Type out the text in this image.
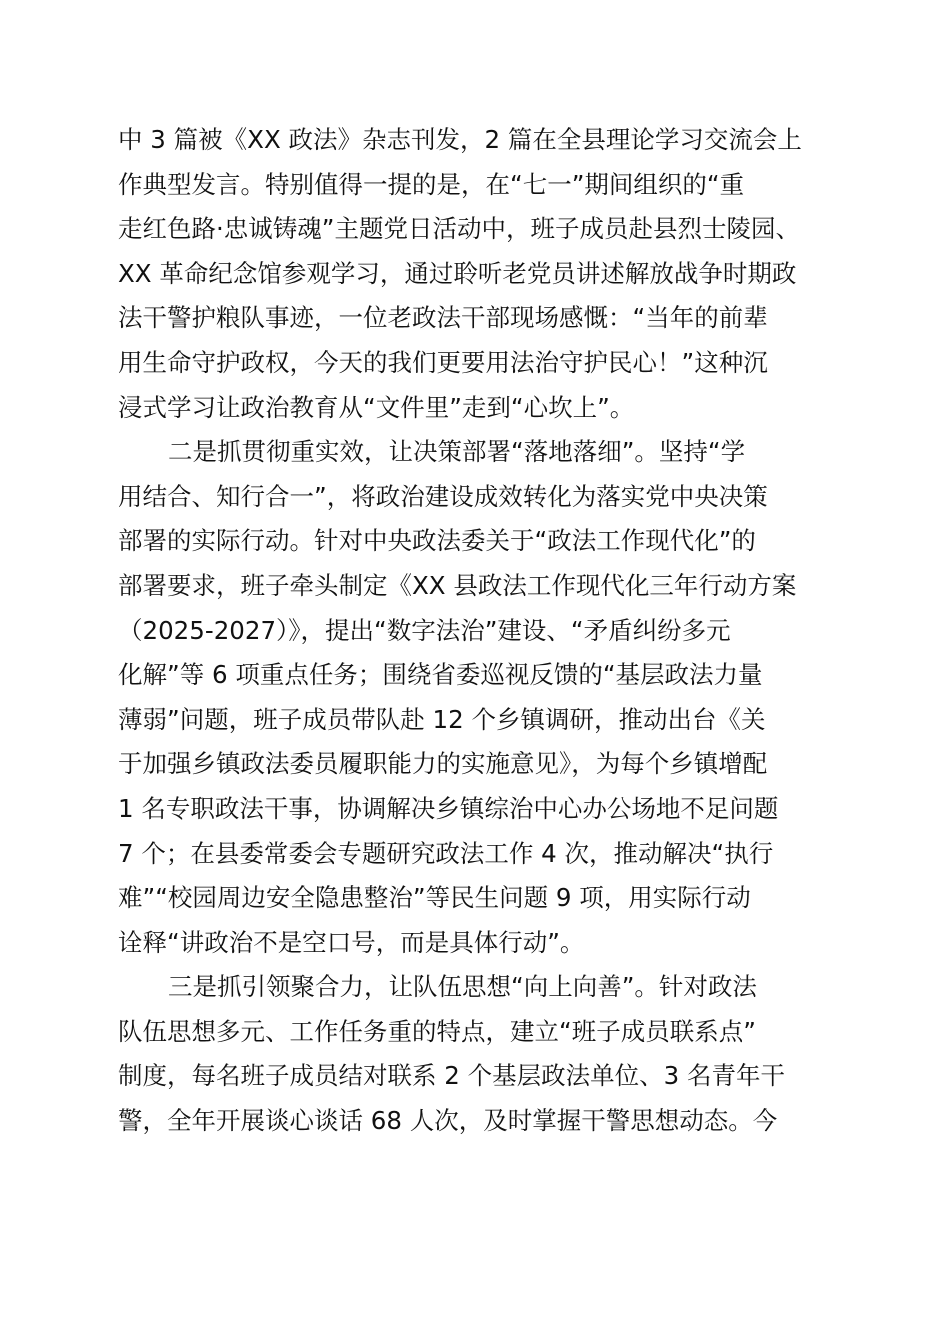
中 3 篇被《XX 政法》杂志刊发，2 篇在全县理论学习交流会上
作典型发言。特别值得一提的是，在“七一”期间组织的“重
走红色路·忠诚铸魂”主题党日活动中，班子成员赴县烈士陵园、
XX 革命纪念馆参观学习，通过聆听老党员讲述解放战争时期政
法干警护粮队事迹，一位老政法干部现场感慨：“当年的前辈
用生命守护政权，今天的我们更要用法治守护民心！”这种沉
浸式学习让政治教育从“文件里”走到“心坎上”。
二是抓贯彻重实效，让决策部署“落地落细”。坚持“学
用结合、知行合一”，将政治建设成效转化为落实党中央决策
部署的实际行动。针对中央政法委关于“政法工作现代化”的
部署要求，班子牵头制定《XX 县政法工作现代化三年行动方案
（2025-2027）》，提出“数字法治”建设、“矛盾纠纷多元
化解”等 6 项重点任务；围绕省委巡视反馈的“基层政法力量
薄弱”问题，班子成员带队赴 12 个乡镇调研，推动出台《关
于加强乡镇政法委员履职能力的实施意见》，为每个乡镇增配
1 名专职政法干事，协调解决乡镇综治中心办公场地不足问题
7 个；在县委常委会专题研究政法工作 4 次，推动解决“执行
难”“校园周边安全隐患整治”等民生问题 9 项，用实际行动
诠释“讲政治不是空口号，而是具体行动”。
三是抓引领聚合力，让队伍思想“向上向善”。针对政法
队伍思想多元、工作任务重的特点，建立“班子成员联系点”
制度，每名班子成员结对联系 2 个基层政法单位、3 名青年干
警，全年开展谈心谈话 68 人次，及时掌握干警思想动态。今
